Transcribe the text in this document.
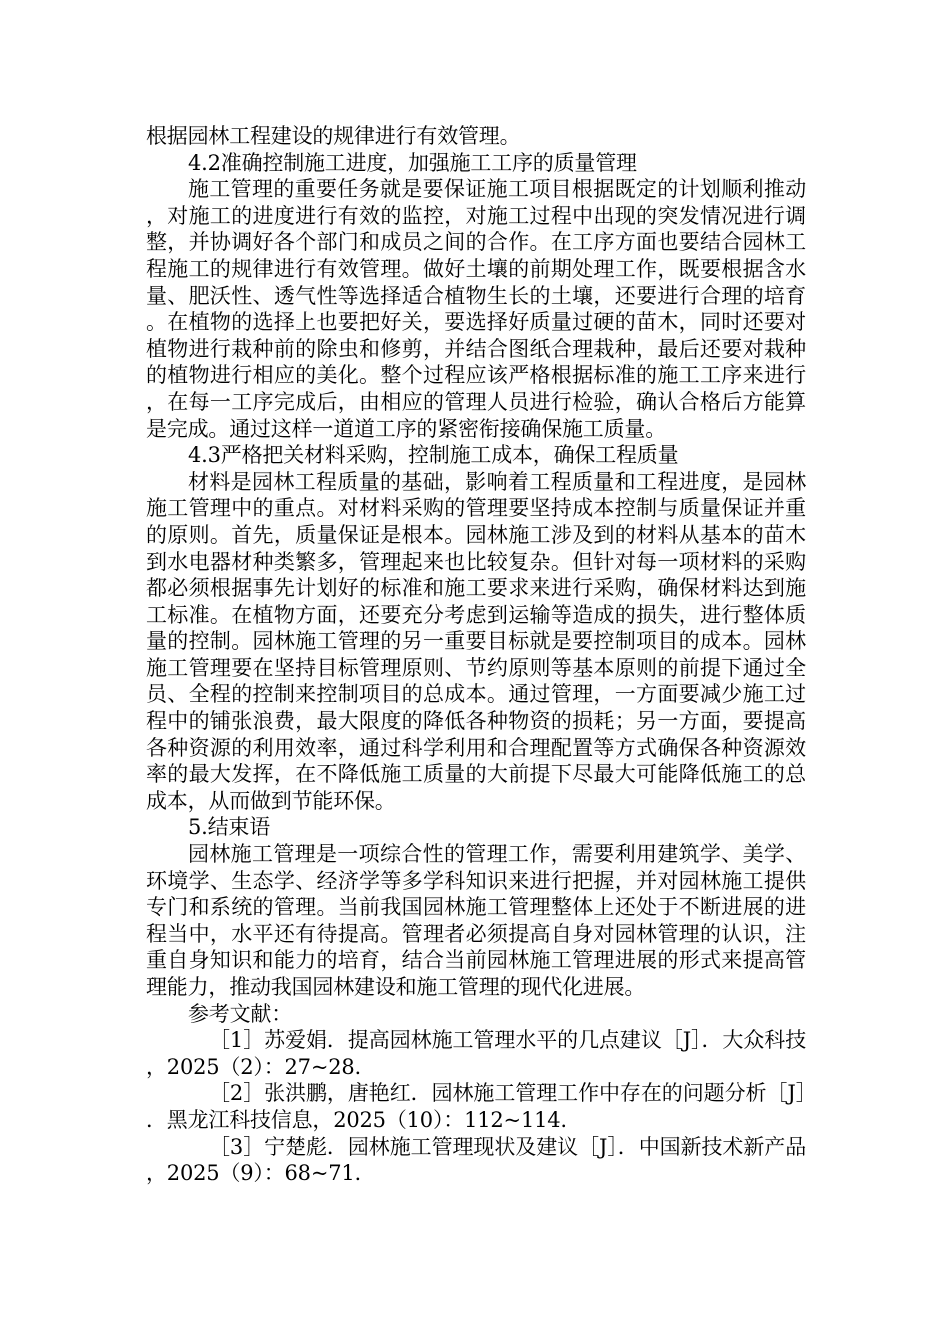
根据园林工程建设的规律进行有效管理。

4.2准确控制施工进度，加强施工工序的质量管理

施工管理的重要任务就是要保证施工项目根据既定的计划顺利推动，对施工的进度进行有效的监控，对施工过程中出现的突发情况进行调整，并协调好各个部门和成员之间的合作。在工序方面也要结合园林工程施工的规律进行有效管理。做好土壤的前期处理工作，既要根据含水量、肥沃性、透气性等选择适合植物生长的土壤，还要进行合理的培育。在植物的选择上也要把好关，要选择好质量过硬的苗木，同时还要对植物进行栽种前的除虫和修剪，并结合图纸合理栽种，最后还要对栽种的植物进行相应的美化。整个过程应该严格根据标准的施工工序来进行，在每一工序完成后，由相应的管理人员进行检验，确认合格后方能算是完成。通过这样一道道工序的紧密衔接确保施工质量。

4.3严格把关材料采购，控制施工成本，确保工程质量

材料是园林工程质量的基础，影响着工程质量和工程进度，是园林施工管理中的重点。对材料采购的管理要坚持成本控制与质量保证并重的原则。首先，质量保证是根本。园林施工涉及到的材料从基本的苗木到水电器材种类繁多，管理起来也比较复杂。但针对每一项材料的采购都必须根据事先计划好的标准和施工要求来进行采购，确保材料达到施工标准。在植物方面，还要充分考虑到运输等造成的损失，进行整体质量的控制。园林施工管理的另一重要目标就是要控制项目的成本。园林施工管理要在坚持目标管理原则、节约原则等基本原则的前提下通过全员、全程的控制来控制项目的总成本。通过管理，一方面要减少施工过程中的铺张浪费，最大限度的降低各种物资的损耗；另一方面，要提高各种资源的利用效率，通过科学利用和合理配置等方式确保各种资源效率的最大发挥，在不降低施工质量的大前提下尽最大可能降低施工的总成本，从而做到节能环保。

5.结束语

园林施工管理是一项综合性的管理工作，需要利用建筑学、美学、环境学、生态学、经济学等多学科知识来进行把握，并对园林施工提供专门和系统的管理。当前我国园林施工管理整体上还处于不断进展的进程当中，水平还有待提高。管理者必须提高自身对园林管理的认识，注重自身知识和能力的培育，结合当前园林施工管理进展的形式来提高管理能力，推动我国园林建设和施工管理的现代化进展。

参考文献：

［1］苏爱娟．提高园林施工管理水平的几点建议［J］．大众科技，2025（2）：27~28.

［2］张洪鹏，唐艳红．园林施工管理工作中存在的问题分析［J］．黑龙江科技信息，2025（10）：112~114.

［3］宁楚彪．园林施工管理现状及建议［J］．中国新技术新产品，2025（9）：68~71.
